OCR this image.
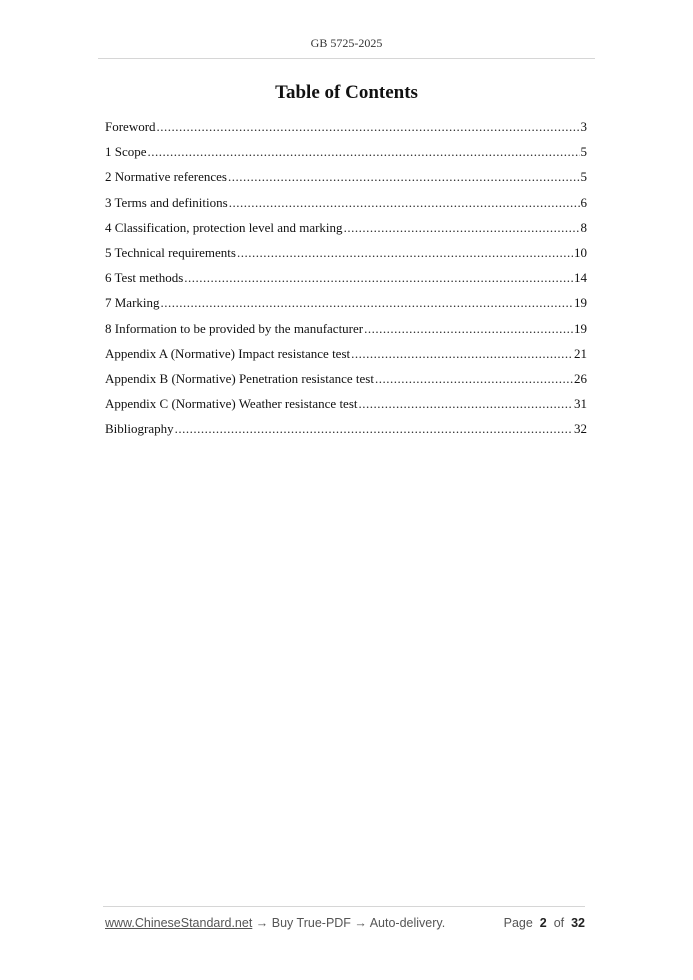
GB 5725-2025
Table of Contents
Foreword .....	3
1 Scope .....	5
2 Normative references .....	5
3 Terms and definitions .....	6
4 Classification, protection level and marking .....	8
5 Technical requirements .....	10
6 Test methods .....	14
7 Marking .....	19
8 Information to be provided by the manufacturer .....	19
Appendix A (Normative) Impact resistance test .....	21
Appendix B (Normative) Penetration resistance test .....	26
Appendix C (Normative) Weather resistance test .....	31
Bibliography .....	32
www.ChineseStandard.net → Buy True-PDF → Auto-delivery.	Page 2 of 32
